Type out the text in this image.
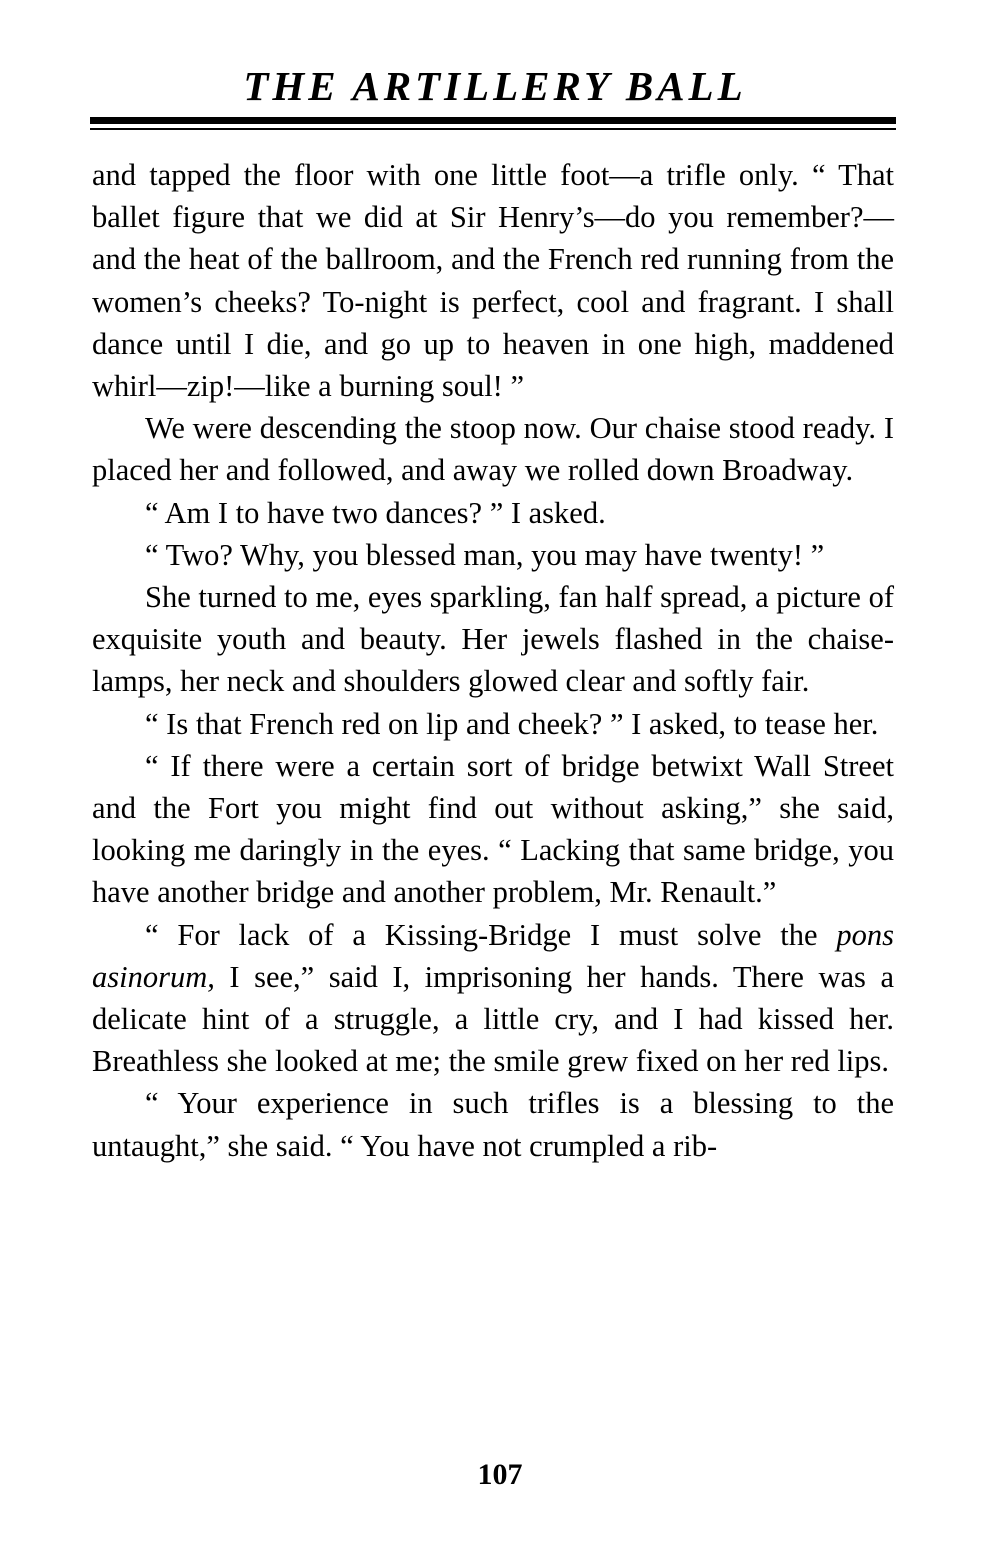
THE ARTILLERY BALL

and tapped the floor with one little foot—a trifle only. “ That ballet figure that we did at Sir Henry’s—do you remember?—and the heat of the ballroom, and the French red running from the women’s cheeks? To-night is perfect, cool and fragrant. I shall dance until I die, and go up to heaven in one high, maddened whirl—zip!—like a burning soul! ”

We were descending the stoop now. Our chaise stood ready. I placed her and followed, and away we rolled down Broadway.

“ Am I to have two dances? ” I asked.

“ Two? Why, you blessed man, you may have twenty! ”

She turned to me, eyes sparkling, fan half spread, a picture of exquisite youth and beauty. Her jewels flashed in the chaise-lamps, her neck and shoulders glowed clear and softly fair.

“ Is that French red on lip and cheek? ” I asked, to tease her.

“ If there were a certain sort of bridge betwixt Wall Street and the Fort you might find out without asking,” she said, looking me daringly in the eyes. “ Lacking that same bridge, you have another bridge and another problem, Mr. Renault.”

“ For lack of a Kissing-Bridge I must solve the pons asinorum, I see,” said I, imprisoning her hands. There was a delicate hint of a struggle, a little cry, and I had kissed her. Breathless she looked at me; the smile grew fixed on her red lips.

“ Your experience in such trifles is a blessing to the untaught,” she said. “ You have not crumpled a rib-

107
